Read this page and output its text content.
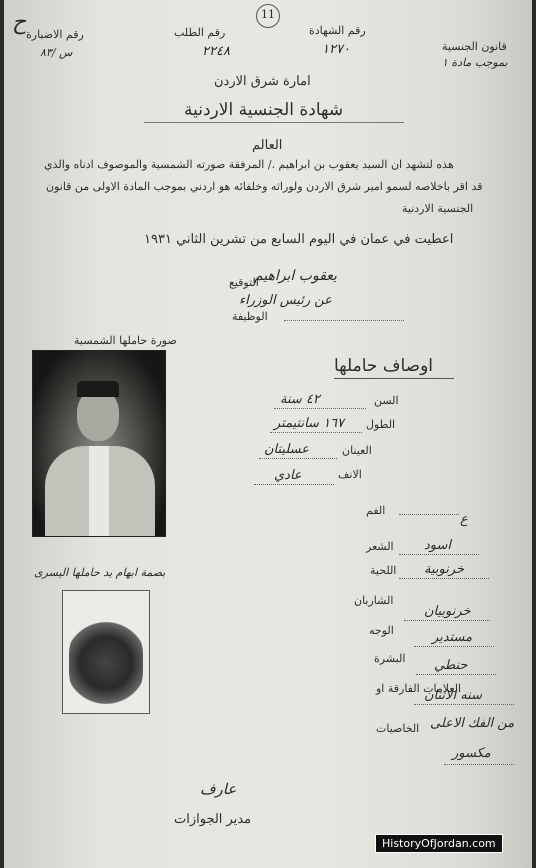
رقم الاضبارة
س /٨٣
رقم الطلب
٢٢٤٨
رقم الشهادة
١٢٧٠	قانون الجنسية
بموجب مادة ١
11
ح
امارة شرق الاردن
شهادة الجنسية الاردنية
العالم
هذه لتشهد ان السيد يعقوب بن ابراهيم ./ المرفقة صورته الشمسية والموصوف ادناه والذي
قد اقر باخلاصه لسمو امير شرق الاردن ولوراثه وخلفائه هو اردني بموجب المادة الاولى من قانون
الجنسية الاردنية
اعطيت في عمان في اليوم السابع من تشرين الثاني ١٩٣١
يعقوب ابراهيم
التوقيع
عن رئيس الوزراء
الوظيفة
صورة حاملها الشمسية
بصمة ابهام يد حاملها اليسرى
اوصاف حاملها
السن
٤٢ سنة
الطول
١٦٧ سانتيمتر
العينان
عسليتان
الانف
عادي
الفم
ع
الشعر اسود
اللحية خرنوبية
الشاربان
خرنوبيان
الوجه	مستدير
البشرة حنطي
العلامات الفارقة او
سنه الاثنان
الخاصيات من الفك الاعلى
مكسور
عارف
مدير الجوازات
HistoryOfJordan.com
